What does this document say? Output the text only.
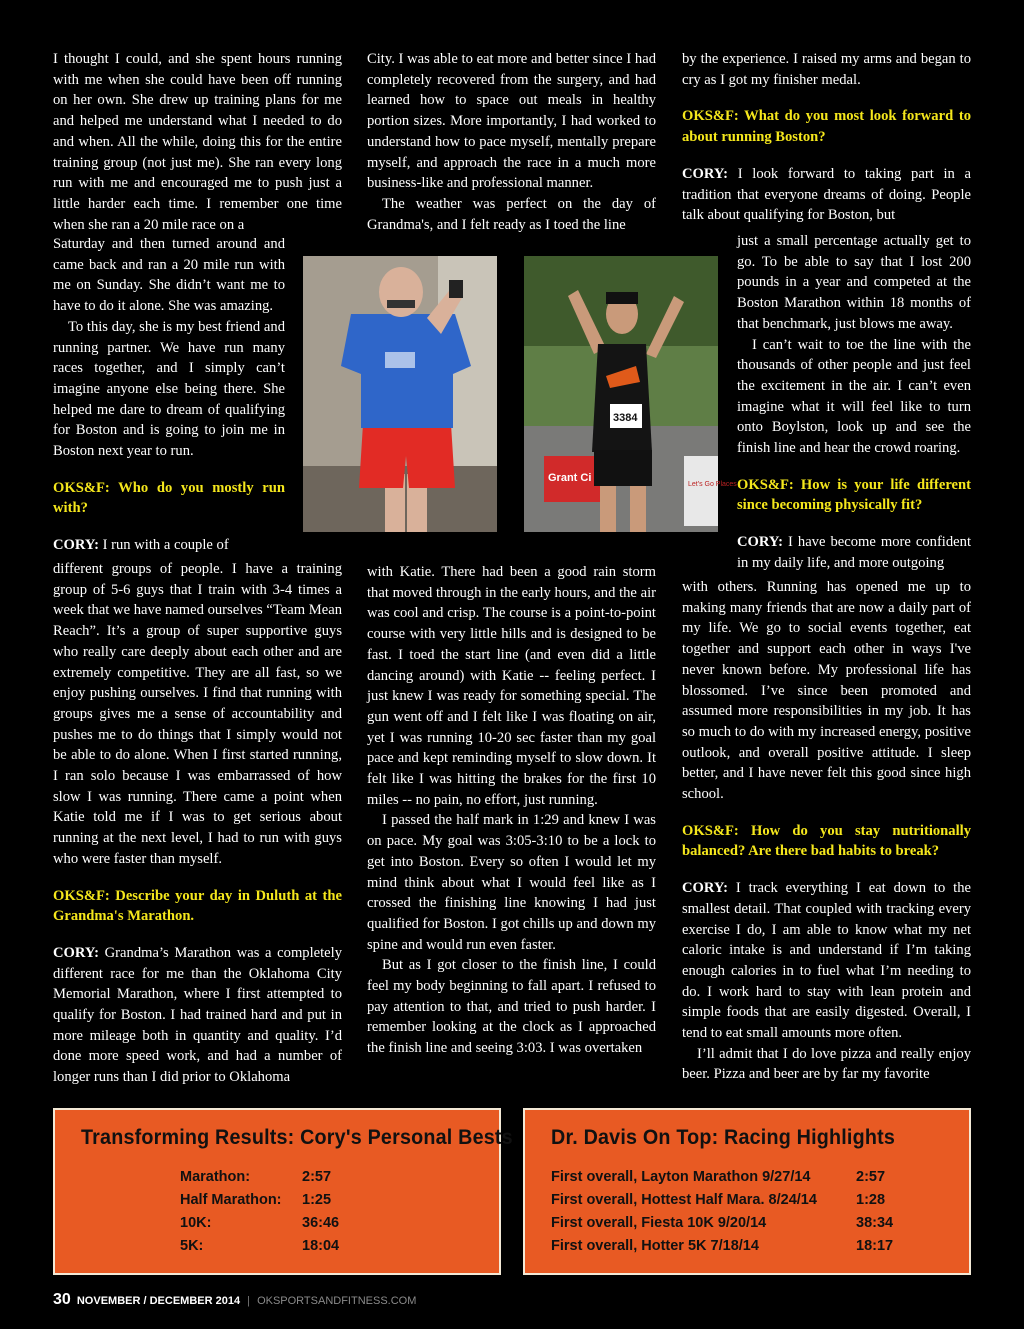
I thought I could, and she spent hours running with me when she could have been off running on her own. She drew up training plans for me and helped me understand what I needed to do and when. All the while, doing this for the entire training group (not just me). She ran every long run with me and encouraged me to push just a little harder each time. I remember one time when she ran a 20 mile race on a

Saturday and then turned around and came back and ran a 20 mile run with me on Sunday. She didn’t want me to have to do it alone. She was amazing.

To this day, she is my best friend and running partner. We have run many races together, and I simply can’t imagine anyone else being there. She helped me dare to dream of qualifying for Boston and is going to join me in Boston next year to run.

OKS&F: Who do you mostly run with?

CORY: I run with a couple of

different groups of people. I have a training group of 5-6 guys that I train with 3-4 times a week that we have named ourselves “Team Mean Reach”. It’s a group of super supportive guys who really care deeply about each other and are extremely competitive. They are all fast, so we enjoy pushing ourselves. I find that running with groups gives me a sense of accountability and pushes me to do things that I simply would not be able to do alone. When I first started running, I ran solo because I was embarrassed of how slow I was running. There came a point when Katie told me if I was to get serious about running at the next level, I had to run with guys who were faster than myself.

OKS&F: Describe your day in Duluth at the Grandma's Marathon.

CORY: Grandma’s Marathon was a completely different race for me than the Oklahoma City Memorial Marathon, where I first attempted to qualify for Boston. I had trained hard and put in more mileage both in quantity and quality. I’d done more speed work, and had a number of longer runs than I did prior to Oklahoma

City. I was able to eat more and better since I had completely recovered from the surgery, and had learned how to space out meals in healthy portion sizes. More importantly, I had worked to understand how to pace myself, mentally prepare myself, and approach the race in a much more business-like and professional manner.

The weather was perfect on the day of Grandma's, and I felt ready as I toed the line

with Katie. There had been a good rain storm that moved through in the early hours, and the air was cool and crisp. The course is a point-to-point course with very little hills and is designed to be fast. I toed the start line (and even did a little dancing around) with Katie -- feeling perfect. I just knew I was ready for something special. The gun went off and I felt like I was floating on air, yet I was running 10-20 sec faster than my goal pace and kept reminding myself to slow down. It felt like I was hitting the brakes for the first 10 miles -- no pain, no effort, just running.

I passed the half mark in 1:29 and knew I was on pace. My goal was 3:05-3:10 to be a lock to get into Boston. Every so often I would let my mind think about what I would feel like as I crossed the finishing line knowing I had just qualified for Boston. I got chills up and down my spine and would run even faster.

But as I got closer to the finish line, I could feel my body beginning to fall apart. I refused to pay attention to that, and tried to push harder. I remember looking at the clock as I approached the finish line and seeing 3:03. I was overtaken

by the experience. I raised my arms and began to cry as I got my finisher medal.

OKS&F: What do you most look forward to about running Boston?

CORY: I look forward to taking part in a tradition that everyone dreams of doing. People talk about qualifying for Boston, but

just a small percentage actually get to go. To be able to say that I lost 200 pounds in a year and competed at the Boston Marathon within 18 months of that benchmark, just blows me away.

I can’t wait to toe the line with the thousands of other people and just feel the excitement in the air. I can’t even imagine what it will feel like to turn onto Boylston, look up and see the finish line and hear the crowd roaring.

OKS&F: How is your life different since becoming physically fit?

CORY: I have become more confident in my daily life, and more outgoing

with others. Running has opened me up to making many friends that are now a daily part of my life. We go to social events together, eat together and support each other in ways I've never known before. My professional life has blossomed. I’ve since been promoted and assumed more responsibilities in my job. It has so much to do with my increased energy, positive outlook, and overall positive attitude. I sleep better, and I have never felt this good since high school.

OKS&F: How do you stay nutritionally balanced? Are there bad habits to break?

CORY: I track everything I eat down to the smallest detail. That coupled with tracking every exercise I do, I am able to know what my net caloric intake is and understand if I’m taking enough calories in to fuel what I’m needing to do. I work hard to stay with lean protein and simple foods that are easily digested. Overall, I tend to eat small amounts more often.

I’ll admit that I do love pizza and really enjoy beer. Pizza and beer are by far my favorite

Grant Ci
Let's Go Places
3384
Transforming Results: Cory's Personal Bests
Marathon:	2:57
Half Marathon: 1:25
10K:	36:46
5K:	18:04
Dr. Davis On Top: Racing Highlights
First overall, Layton Marathon 9/27/14	2:57
First overall, Hottest Half Mara. 8/24/14	1:28
First overall, Fiesta 10K 9/20/14	38:34
First overall, Hotter 5K 7/18/14	18:17
30 NOVEMBER / DECEMBER 2014 | OKSPORTSANDFITNESS.COM
